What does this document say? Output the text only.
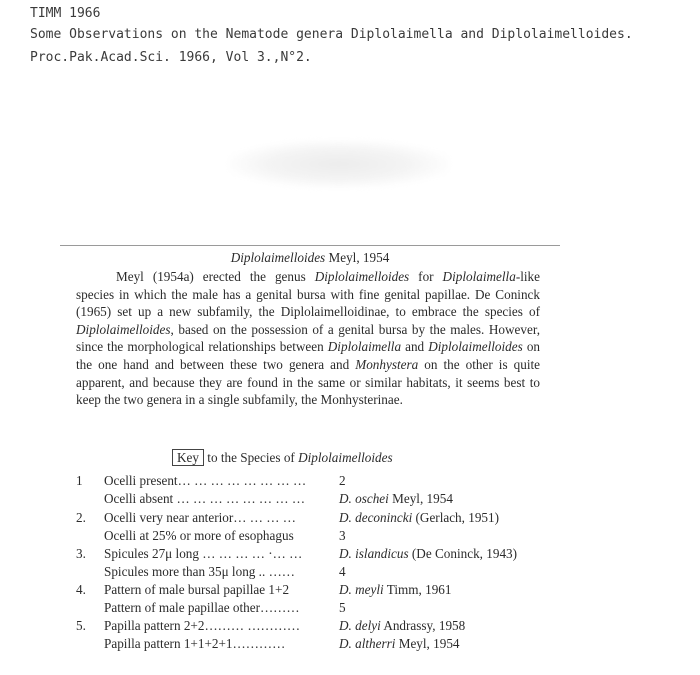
TIMM 1966
Some Observations on the Nematode genera Diplolaimella and Diplolaimelloides.
Proc.Pak.Acad.Sci. 1966, Vol 3.,N°2.
Diplolaimelloides Meyl, 1954

Meyl (1954a) erected the genus Diplolaimelloides for Diplolaimella-like species in which the male has a genital bursa with fine genital papillae. De Coninck (1965) set up a new subfamily, the Diplolaimelloidinae, to embrace the species of Diplolaimelloides, based on the possession of a genital bursa by the males. However, since the morphological relationships between Diplolaimella and Diplolaimelloides on the one hand and between these two genera and Monhystera on the other is quite apparent, and because they are found in the same or similar habitats, it seems best to keep the two genera in a single subfamily, the Monhysterinae.

Key to the Species of Diplolaimelloides
1 Ocelli present… … … … … … … … 2
Ocelli absent … … … … … … … …	D. oschei Meyl, 1954
2. Ocelli very near anterior… … … …	D. deconincki (Gerlach, 1951)
Ocelli at 25% or more of esophagus	3
3. Spicules 27μ long … … … … ·… …	D. islandicus (De Coninck, 1943)
Spicules more than 35μ long .. ……	4
4. Pattern of male bursal papillae 1+2	D. meyli Timm, 1961
Pattern of male papillae other………	5
5. Papilla pattern 2+2……… …………	D. delyi Andrassy, 1958
Papilla pattern 1+1+2+1…………	D. altherri Meyl, 1954
